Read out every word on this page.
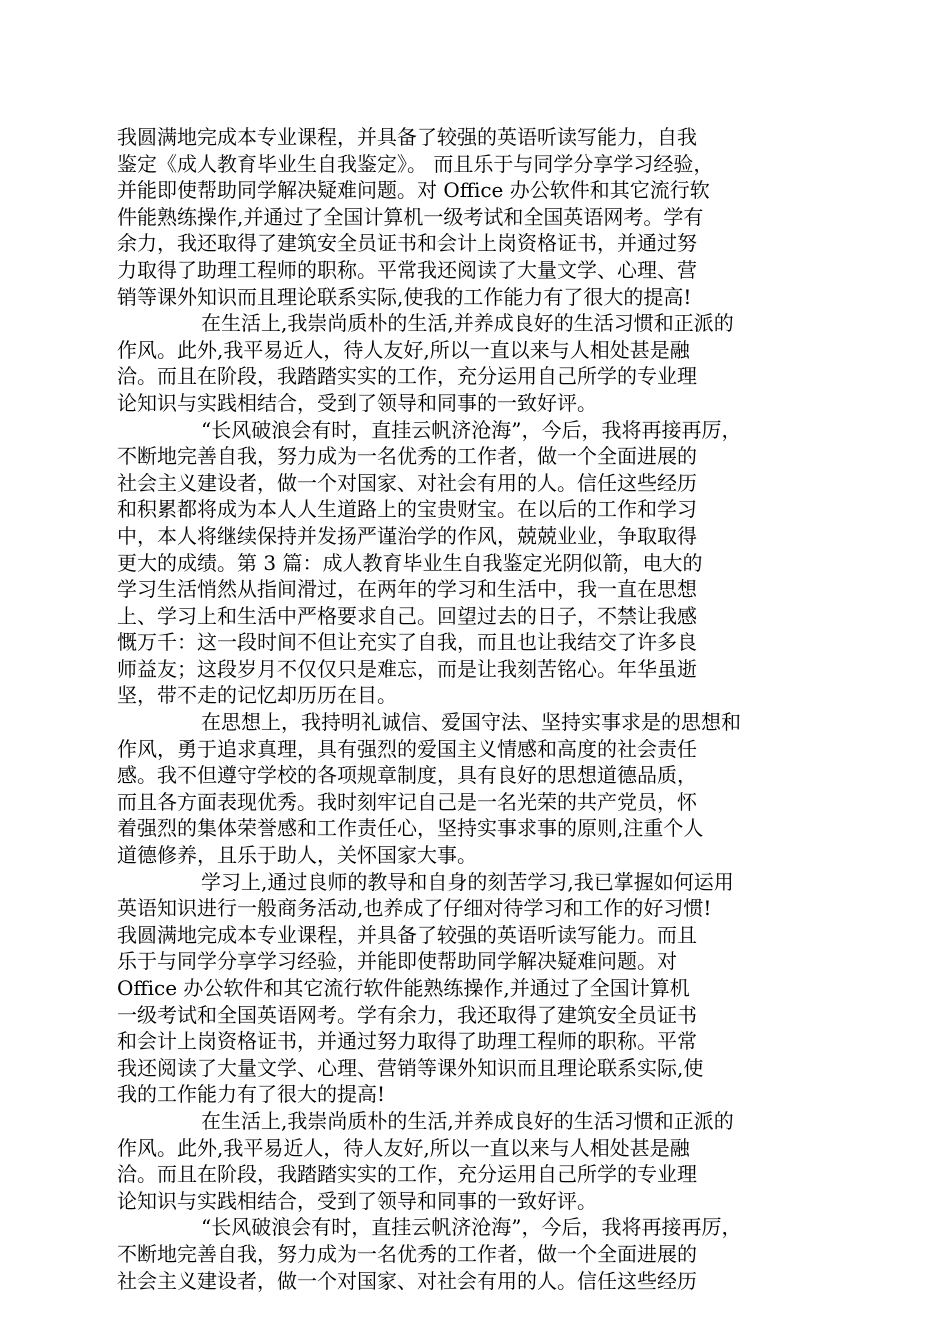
我圆满地完成本专业课程，并具备了较强的英语听读写能力，自我
鉴定《成人教育毕业生自我鉴定》。 而且乐于与同学分享学习经验，
并能即使帮助同学解决疑难问题。对 Office 办公软件和其它流行软
件能熟练操作,并通过了全国计算机一级考试和全国英语网考。学有
余力，我还取得了建筑安全员证书和会计上岗资格证书，并通过努
力取得了助理工程师的职称。平常我还阅读了大量文学、心理、营
销等课外知识而且理论联系实际,使我的工作能力有了很大的提高!
在生活上,我崇尚质朴的生活,并养成良好的生活习惯和正派的
作风。此外,我平易近人，待人友好,所以一直以来与人相处甚是融
洽。而且在阶段，我踏踏实实的工作，充分运用自己所学的专业理
论知识与实践相结合，受到了领导和同事的一致好评。
“长风破浪会有时，直挂云帆济沧海”，今后，我将再接再厉，
不断地完善自我，努力成为一名优秀的工作者，做一个全面进展的
社会主义建设者，做一个对国家、对社会有用的人。信任这些经历
和积累都将成为本人人生道路上的宝贵财宝。在以后的工作和学习
中，本人将继续保持并发扬严谨治学的作风，兢兢业业，争取取得
更大的成绩。第 3 篇：成人教育毕业生自我鉴定光阴似箭，电大的
学习生活悄然从指间滑过，在两年的学习和生活中，我一直在思想
上、学习上和生活中严格要求自己。回望过去的日子，不禁让我感
慨万千：这一段时间不但让充实了自我，而且也让我结交了许多良
师益友；这段岁月不仅仅只是难忘，而是让我刻苦铭心。年华虽逝
坚，带不走的记忆却历历在目。
在思想上，我持明礼诚信、爱国守法、坚持实事求是的思想和
作风，勇于追求真理，具有强烈的爱国主义情感和高度的社会责任
感。我不但遵守学校的各项规章制度，具有良好的思想道德品质，
而且各方面表现优秀。我时刻牢记自己是一名光荣的共产党员，怀
着强烈的集体荣誉感和工作责任心，坚持实事求事的原则,注重个人
道德修养，且乐于助人，关怀国家大事。
学习上,通过良师的教导和自身的刻苦学习,我已掌握如何运用
英语知识进行一般商务活动,也养成了仔细对待学习和工作的好习惯!
我圆满地完成本专业课程，并具备了较强的英语听读写能力。而且
乐于与同学分享学习经验，并能即使帮助同学解决疑难问题。对
Office 办公软件和其它流行软件能熟练操作,并通过了全国计算机
一级考试和全国英语网考。学有余力，我还取得了建筑安全员证书
和会计上岗资格证书，并通过努力取得了助理工程师的职称。平常
我还阅读了大量文学、心理、营销等课外知识而且理论联系实际,使
我的工作能力有了很大的提高!
在生活上,我崇尚质朴的生活,并养成良好的生活习惯和正派的
作风。此外,我平易近人，待人友好,所以一直以来与人相处甚是融
洽。而且在阶段，我踏踏实实的工作，充分运用自己所学的专业理
论知识与实践相结合，受到了领导和同事的一致好评。
“长风破浪会有时，直挂云帆济沧海”，今后，我将再接再厉，
不断地完善自我，努力成为一名优秀的工作者，做一个全面进展的
社会主义建设者，做一个对国家、对社会有用的人。信任这些经历
